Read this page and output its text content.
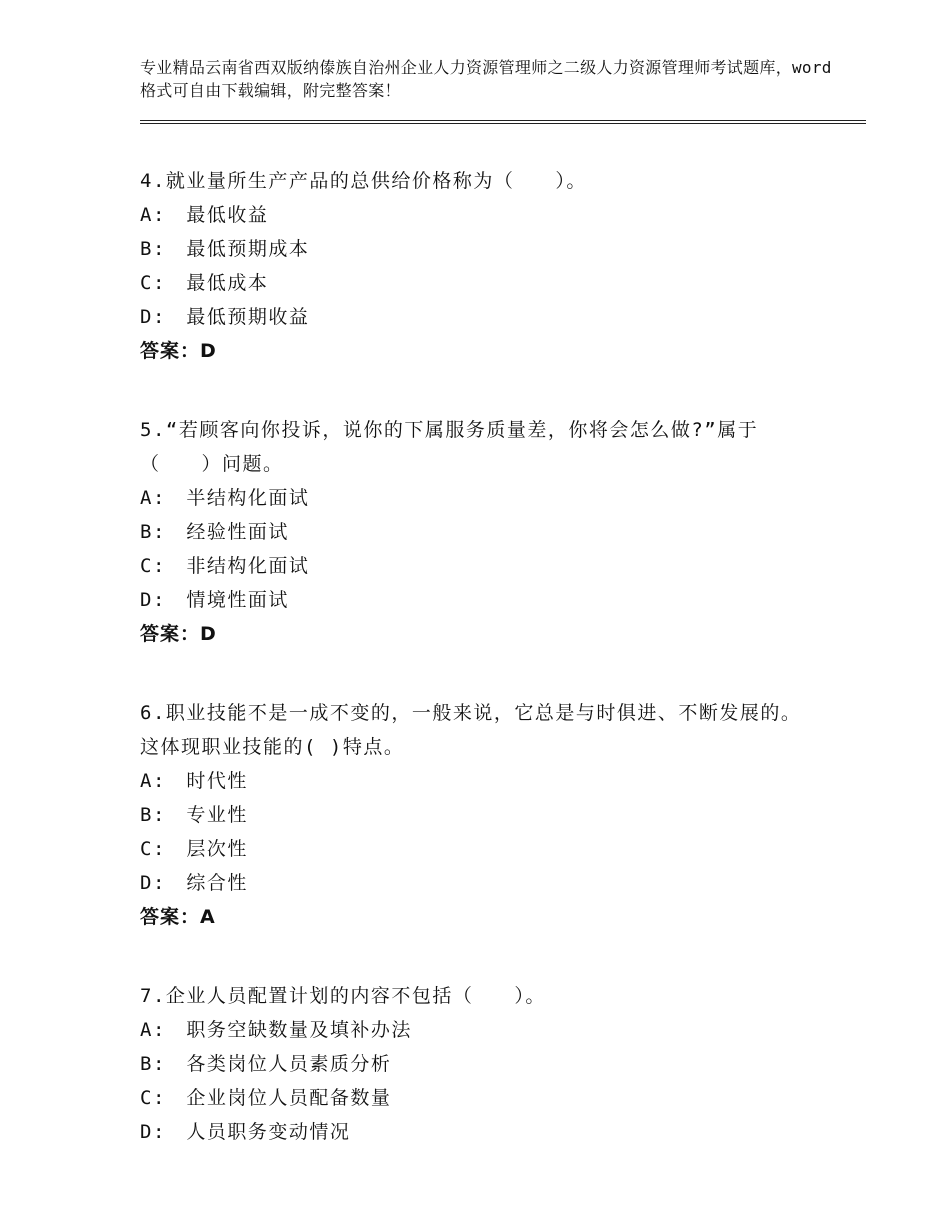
专业精品云南省西双版纳傣族自治州企业人力资源管理师之二级人力资源管理师考试题库，word格式可自由下载编辑，附完整答案！
4.就业量所生产产品的总供给价格称为（　　）。
A:　最低收益
B:　最低预期成本
C:　最低成本
D:　最低预期收益
答案：D
5.“若顾客向你投诉，说你的下属服务质量差，你将会怎么做?”属于（　　）问题。
A:　半结构化面试
B:　经验性面试
C:　非结构化面试
D:　情境性面试
答案：D
6.职业技能不是一成不变的，一般来说，它总是与时俱进、不断发展的。这体现职业技能的( )特点。
A:　时代性
B:　专业性
C:　层次性
D:　综合性
答案：A
7.企业人员配置计划的内容不包括（　　）。
A:　职务空缺数量及填补办法
B:　各类岗位人员素质分析
C:　企业岗位人员配备数量
D:　人员职务变动情况
